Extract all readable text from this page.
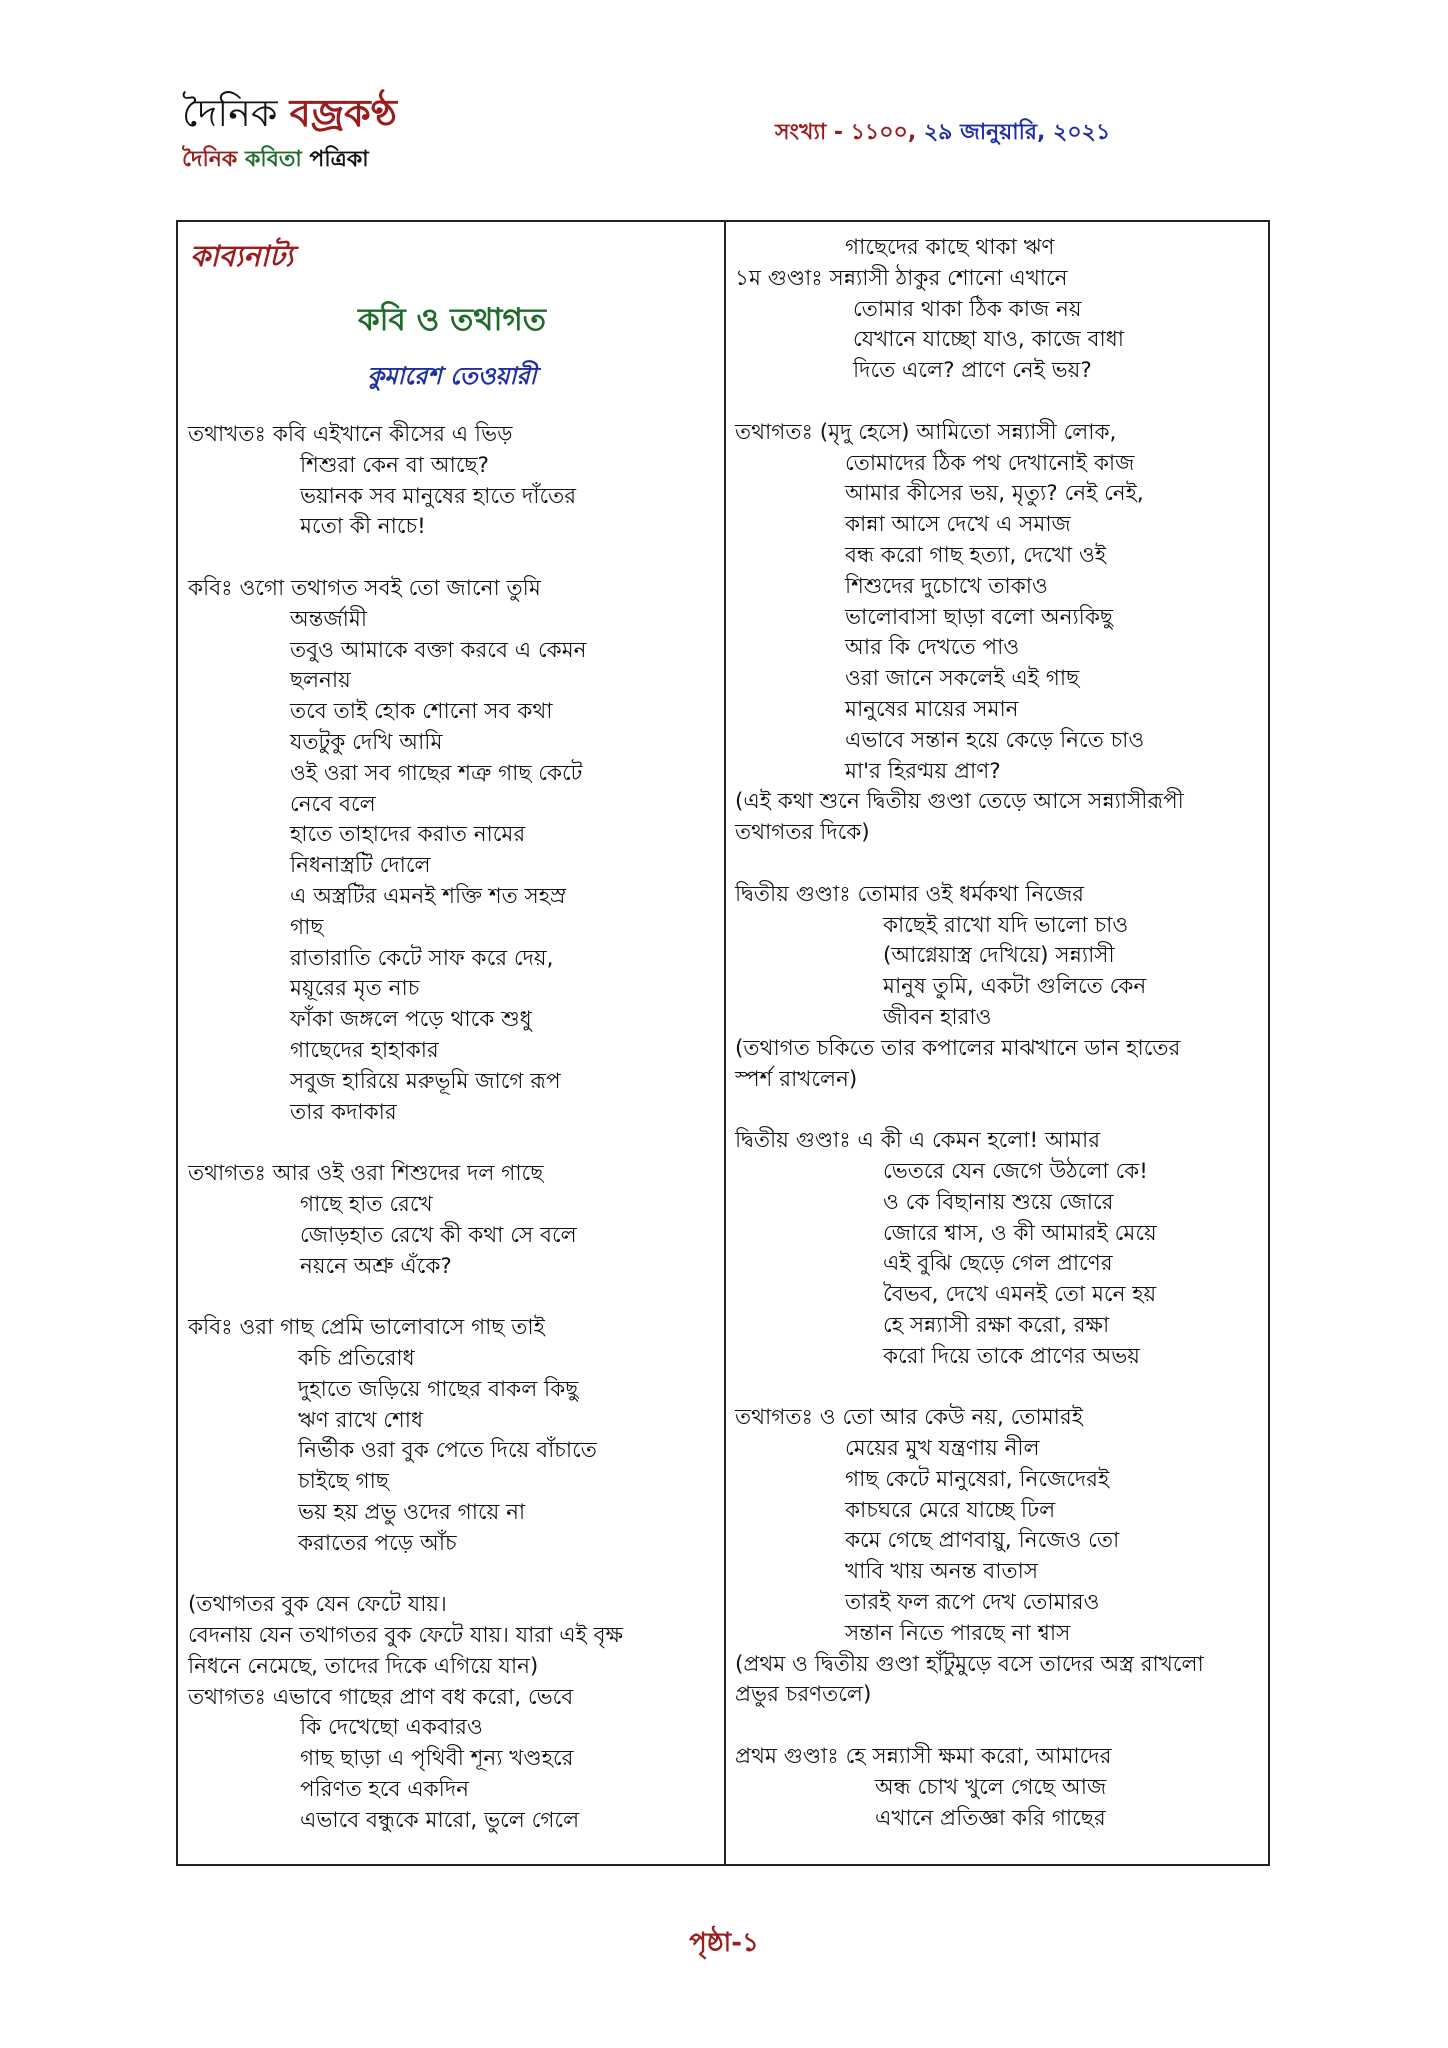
দৈনিক বজ্রকণ্ঠ
দৈনিক কবিতা পত্রিকা
সংখ্যা - ১১০০, ২৯ জানুয়ারি, ২০২১
কাব্যনাট্য
কবি ও তথাগত
কুমারেশ তেওয়ারী
তথাখতঃ কবি এইখানে কীসের এ ভিড়
শিশুরা কেন বা আছে?
ভয়ানক সব মানুষের হাতে দাঁতের
মতো কী নাচে!
কবিঃ ওগো তথাগত সবই তো জানো তুমি
অন্তর্জামী
তবুও আমাকে বক্তা করবে এ কেমন
ছলনায়
তবে তাই হোক শোনো সব কথা
যতটুকু দেখি আমি
ওই ওরা সব গাছের শত্রু গাছ কেটে
নেবে বলে
হাতে তাহাদের করাত নামের
নিধনাস্ত্রটি দোলে
এ অস্ত্রটির এমনই শক্তি শত সহস্র
গাছ
রাতারাতি কেটে সাফ করে দেয়,
ময়ূরের মৃত নাচ
ফাঁকা জঙ্গলে পড়ে থাকে শুধু
গাছেদের হাহাকার
সবুজ হারিয়ে মরুভূমি জাগে রূপ
তার কদাকার
তথাগতঃ আর ওই ওরা শিশুদের দল গাছে
গাছে হাত রেখে
জোড়হাত রেখে কী কথা সে বলে
নয়নে অশ্রু এঁকে?
কবিঃ ওরা গাছ প্রেমি ভালোবাসে গাছ তাই
কচি প্রতিরোধ
দুহাতে জড়িয়ে গাছের বাকল কিছু
ঋণ রাখে শোধ
নির্ভীক ওরা বুক পেতে দিয়ে বাঁচাতে
চাইছে গাছ
ভয় হয় প্রভু ওদের গায়ে না
করাতের পড়ে আঁচ
(তথাগতর বুক যেন ফেটে যায়।
বেদনায় যেন তথাগতর বুক ফেটে যায়। যারা এই বৃক্ষ
নিধনে নেমেছে, তাদের দিকে এগিয়ে যান)
তথাগতঃ এভাবে গাছের প্রাণ বধ করো, ভেবে
কি দেখেছো একবারও
গাছ ছাড়া এ পৃথিবী শূন্য খণ্ডহরে
পরিণত হবে একদিন
এভাবে বন্ধুকে মারো, ভুলে গেলে
গাছেদের কাছে থাকা ঋণ
১ম গুণ্ডাঃ সন্ন্যাসী ঠাকুর শোনো এখানে
তোমার থাকা ঠিক কাজ নয়
যেখানে যাচ্ছো যাও, কাজে বাধা
দিতে এলে? প্রাণে নেই ভয়?
তথাগতঃ (মৃদু হেসে) আমিতো সন্ন্যাসী লোক,
তোমাদের ঠিক পথ দেখানোই কাজ
আমার কীসের ভয়, মৃত্যু? নেই নেই,
কান্না আসে দেখে এ সমাজ
বন্ধ করো গাছ হত্যা, দেখো ওই
শিশুদের দুচোখে তাকাও
ভালোবাসা ছাড়া বলো অন্যকিছু
আর কি দেখতে পাও
ওরা জানে সকলেই এই গাছ
মানুষের মায়ের সমান
এভাবে সন্তান হয়ে কেড়ে নিতে চাও
মা'র হিরণ্ময় প্রাণ?
(এই কথা শুনে দ্বিতীয় গুণ্ডা তেড়ে আসে সন্ন্যাসীরূপী
তথাগতর দিকে)
দ্বিতীয় গুণ্ডাঃ তোমার ওই ধর্মকথা নিজের
কাছেই রাখো যদি ভালো চাও
(আগ্নেয়াস্ত্র দেখিয়ে) সন্ন্যাসী
মানুষ তুমি, একটা গুলিতে কেন
জীবন হারাও
(তথাগত চকিতে তার কপালের মাঝখানে ডান হাতের
স্পর্শ রাখলেন)
দ্বিতীয় গুণ্ডাঃ এ কী এ কেমন হলো! আমার
ভেতরে যেন জেগে উঠলো কে!
ও কে বিছানায় শুয়ে জোরে
জোরে শ্বাস, ও কী আমারই মেয়ে
এই বুঝি ছেড়ে গেল প্রাণের
বৈভব, দেখে এমনই তো মনে হয়
হে সন্ন্যাসী রক্ষা করো, রক্ষা
করো দিয়ে তাকে প্রাণের অভয়
তথাগতঃ ও তো আর কেউ নয়, তোমারই
মেয়ের মুখ যন্ত্রণায় নীল
গাছ কেটে মানুষেরা, নিজেদেরই
কাচঘরে মেরে যাচ্ছে ঢিল
কমে গেছে প্রাণবায়ু, নিজেও তো
খাবি খায় অনন্ত বাতাস
তারই ফল রূপে দেখ তোমারও
সন্তান নিতে পারছে না শ্বাস
(প্রথম ও দ্বিতীয় গুণ্ডা হাঁটুমুড়ে বসে তাদের অস্ত্র রাখলো
প্রভুর চরণতলে)
প্রথম গুণ্ডাঃ হে সন্ন্যাসী ক্ষমা করো, আমাদের
অন্ধ চোখ খুলে গেছে আজ
এখানে প্রতিজ্ঞা করি গাছের
পৃষ্ঠা-১
